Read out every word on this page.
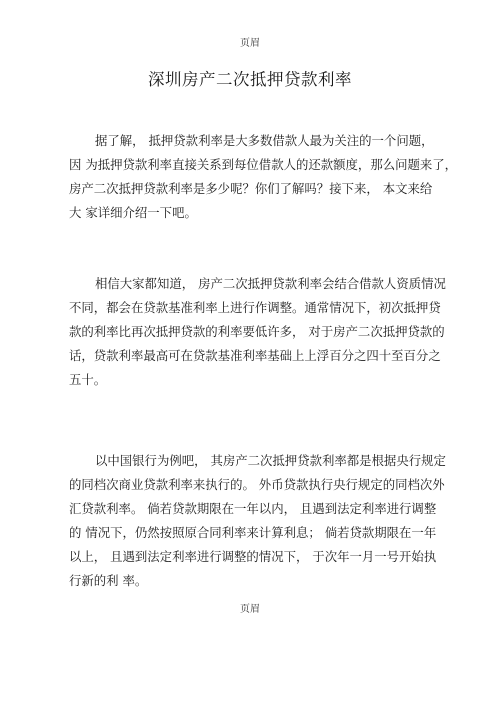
页眉
深圳房产二次抵押贷款利率
据了解， 抵押贷款利率是大多数借款人最为关注的一个问题，
因 为抵押贷款利率直接关系到每位借款人的还款额度，那么问题来了，
房产二次抵押贷款利率是多少呢？你们了解吗？接下来， 本文来给
大 家详细介绍一下吧。
相信大家都知道， 房产二次抵押贷款利率会结合借款人资质情况
不同，都会在贷款基准利率上进行作调整。通常情况下，初次抵押贷
款的利率比再次抵押贷款的利率要低许多， 对于房产二次抵押贷款的
话，贷款利率最高可在贷款基准利率基础上上浮百分之四十至百分之
五十。
以中国银行为例吧， 其房产二次抵押贷款利率都是根据央行规定
的同档次商业贷款利率来执行的。 外币贷款执行央行规定的同档次外
汇贷款利率。 倘若贷款期限在一年以内， 且遇到法定利率进行调整
的 情况下，仍然按照原合同利率来计算利息； 倘若贷款期限在一年
以上， 且遇到法定利率进行调整的情况下， 于次年一月一号开始执
行新的利 率。
页眉
